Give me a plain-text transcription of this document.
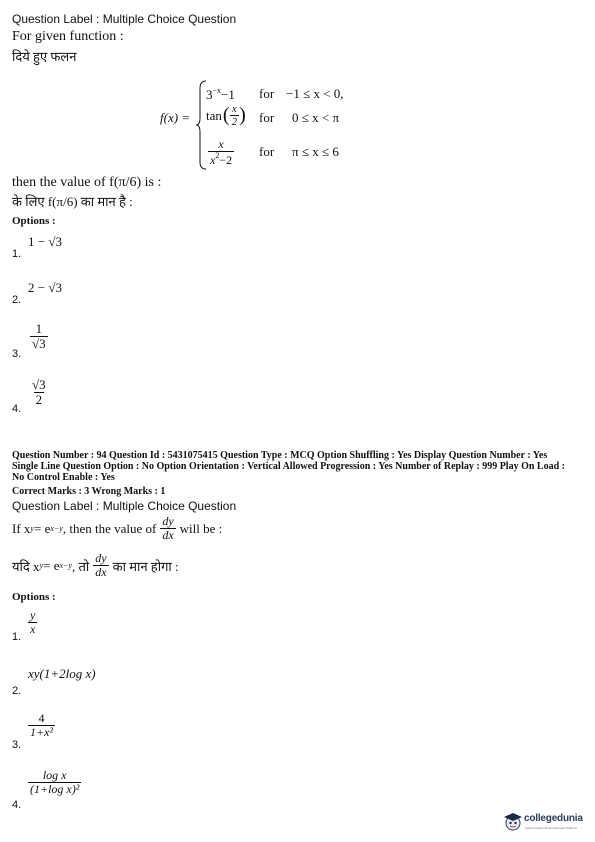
Question Label : Multiple Choice Question
For given function :
दिये हुए फलन
f(x) =
$3^{-x}-1$ for −1 ≤ x < 0,
tan ( $\frac{x}{2}$ ) for 0 ≤ x < π
$\frac{x}{x^2-2}$ for π ≤ x ≤ 6
then the value of f(π/6) is :
के लिए f(π/6) का मान है :
Options :
1 − √3
1.
2 − √3
2.
$\frac{1}{√3}$
3.
$\frac{√3}{2}$
4.
Question Number : 94 Question Id : 5431075415 Question Type : MCQ Option Shuffling : Yes Display Question Number : Yes
Single Line Question Option : No Option Orientation : Vertical Allowed Progression : Yes Number of Replay : 999 Play On Load :
No Control Enable : Yes
Correct Marks : 3 Wrong Marks : 1
Question Label : Multiple Choice Question
If x y = e x−y , then the value of $\frac{dy}{dx}$ will be :
यदि x y = e x−y , तो $\frac{dy}{dx}$ का मान होगा :
Options :
$\frac{y}{x}$
1.
xy(1+2log x)
2.
$\frac{4}{\text{1+x²}}$
3.
$\frac{\text{log x}}{\text{(1+log x)²}}$
4.
collegedunia
India's largest Student Review Platform
